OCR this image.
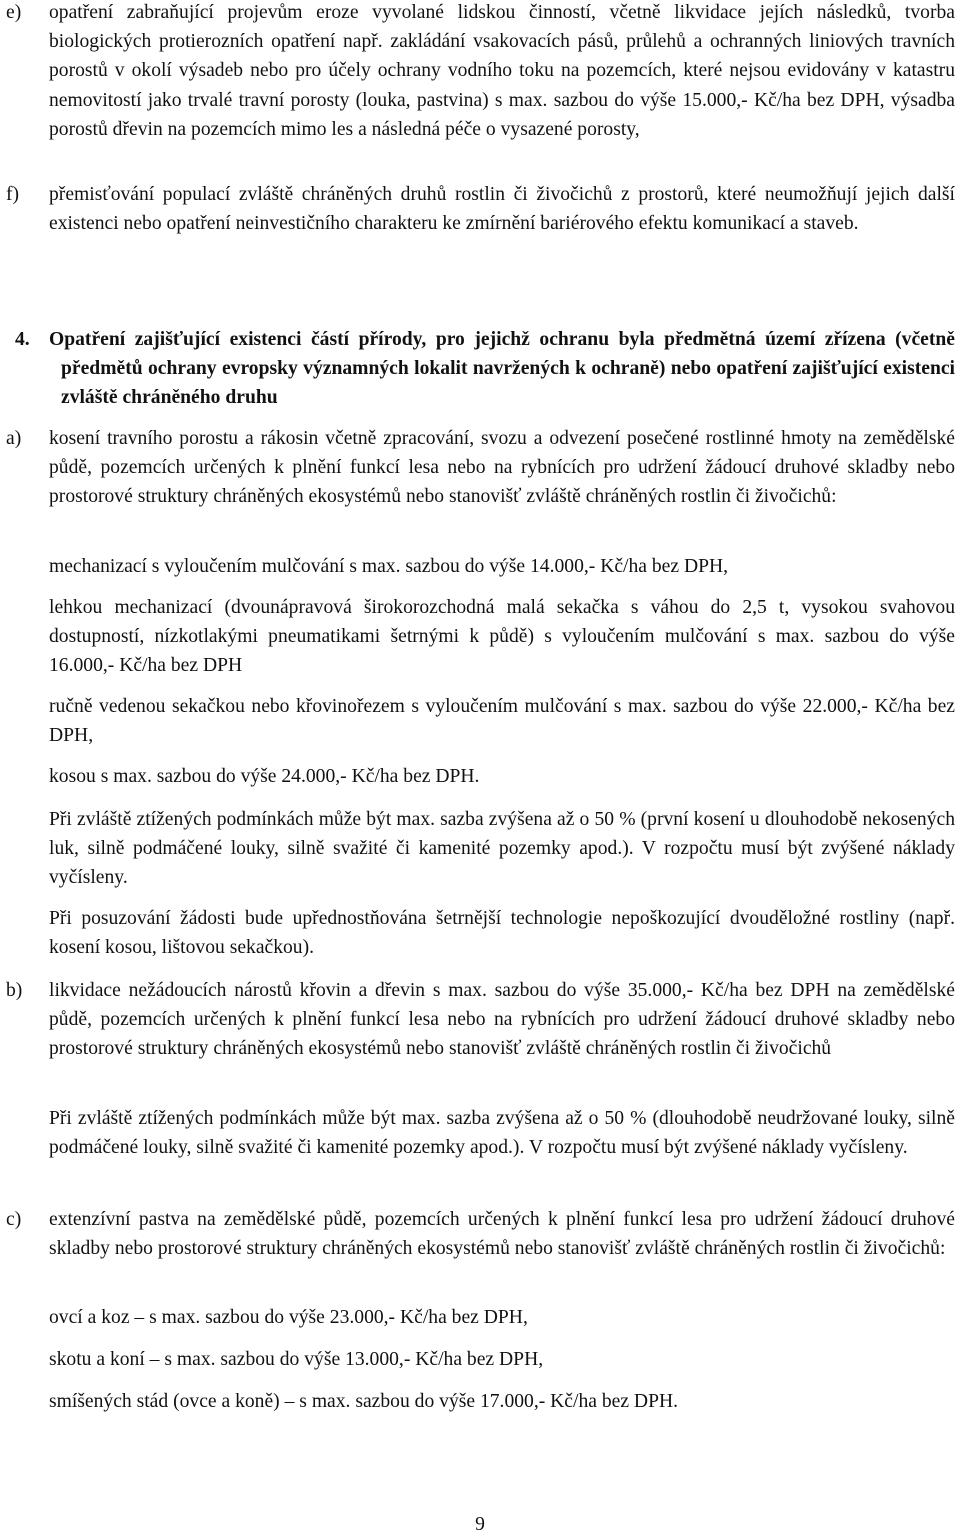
e) opatření zabraňující projevům eroze vyvolané lidskou činností, včetně likvidace jejích následků, tvorba biologických protierozních opatření např. zakládání vsakovacích pásů, průlehů a ochranných liniových travních porostů v okolí výsadeb nebo pro účely ochrany vodního toku na pozemcích, které nejsou evidovány v katastru nemovitostí jako trvalé travní porosty (louka, pastvina) s max. sazbou do výše 15.000,- Kč/ha bez DPH, výsadba porostů dřevin na pozemcích mimo les a následná péče o vysazené porosty,
f) přemisťování populací zvláště chráněných druhů rostlin či živočichů z prostorů, které neumožňují jejich další existenci nebo opatření neinvestičního charakteru ke zmírnění bariérového efektu komunikací a staveb.
4. Opatření zajišťující existenci částí přírody, pro jejichž ochranu byla předmětná území zřízena (včetně předmětů ochrany evropsky významných lokalit navržených k ochraně) nebo opatření zajišťující existenci zvláště chráněného druhu
a) kosení travního porostu a rákosin včetně zpracování, svozu a odvezení posečené rostlinné hmoty na zemědělské půdě, pozemcích určených k plnění funkcí lesa nebo na rybnících pro udržení žádoucí druhové skladby nebo prostorové struktury chráněných ekosystémů nebo stanovišť zvláště chráněných rostlin či živočichů:
mechanizací s vyloučením mulčování s max. sazbou do výše 14.000,- Kč/ha bez DPH,
lehkou mechanizací (dvounápravová širokorozchodná malá sekačka s váhou do 2,5 t, vysokou svahovou dostupností, nízkotlakými pneumatikami šetrnými k půdě) s vyloučením mulčování s max. sazbou do výše 16.000,- Kč/ha bez DPH
ručně vedenou sekačkou nebo křovinořezem s vyloučením mulčování s max. sazbou do výše 22.000,- Kč/ha bez DPH,
kosou s max. sazbou do výše 24.000,- Kč/ha bez DPH.
Při zvláště ztížených podmínkách může být max. sazba zvýšena až o 50 % (první kosení u dlouhodobě nekosených luk, silně podmáčené louky, silně svažité či kamenité pozemky apod.). V rozpočtu musí být zvýšené náklady vyčísleny.
Při posuzování žádosti bude upřednostňována šetrnější technologie nepoškozující dvouděložné rostliny (např. kosení kosou, lištovou sekačkou).
b) likvidace nežádoucích nárostů křovin a dřevin s max. sazbou do výše 35.000,- Kč/ha bez DPH na zemědělské půdě, pozemcích určených k plnění funkcí lesa nebo na rybnících pro udržení žádoucí druhové skladby nebo prostorové struktury chráněných ekosystémů nebo stanovišť zvláště chráněných rostlin či živočichů
Při zvláště ztížených podmínkách může být max. sazba zvýšena až o 50 % (dlouhodobě neudržované louky, silně podmáčené louky, silně svažité či kamenité pozemky apod.). V rozpočtu musí být zvýšené náklady vyčísleny.
c) extenzívní pastva na zemědělské půdě, pozemcích určených k plnění funkcí lesa pro udržení žádoucí druhové skladby nebo prostorové struktury chráněných ekosystémů nebo stanovišť zvláště chráněných rostlin či živočichů:
ovcí a koz – s max. sazbou do výše 23.000,- Kč/ha bez DPH,
skotu a koní – s max. sazbou do výše 13.000,- Kč/ha bez DPH,
smíšených stád (ovce a koně) – s max. sazbou do výše 17.000,- Kč/ha bez DPH.
9
